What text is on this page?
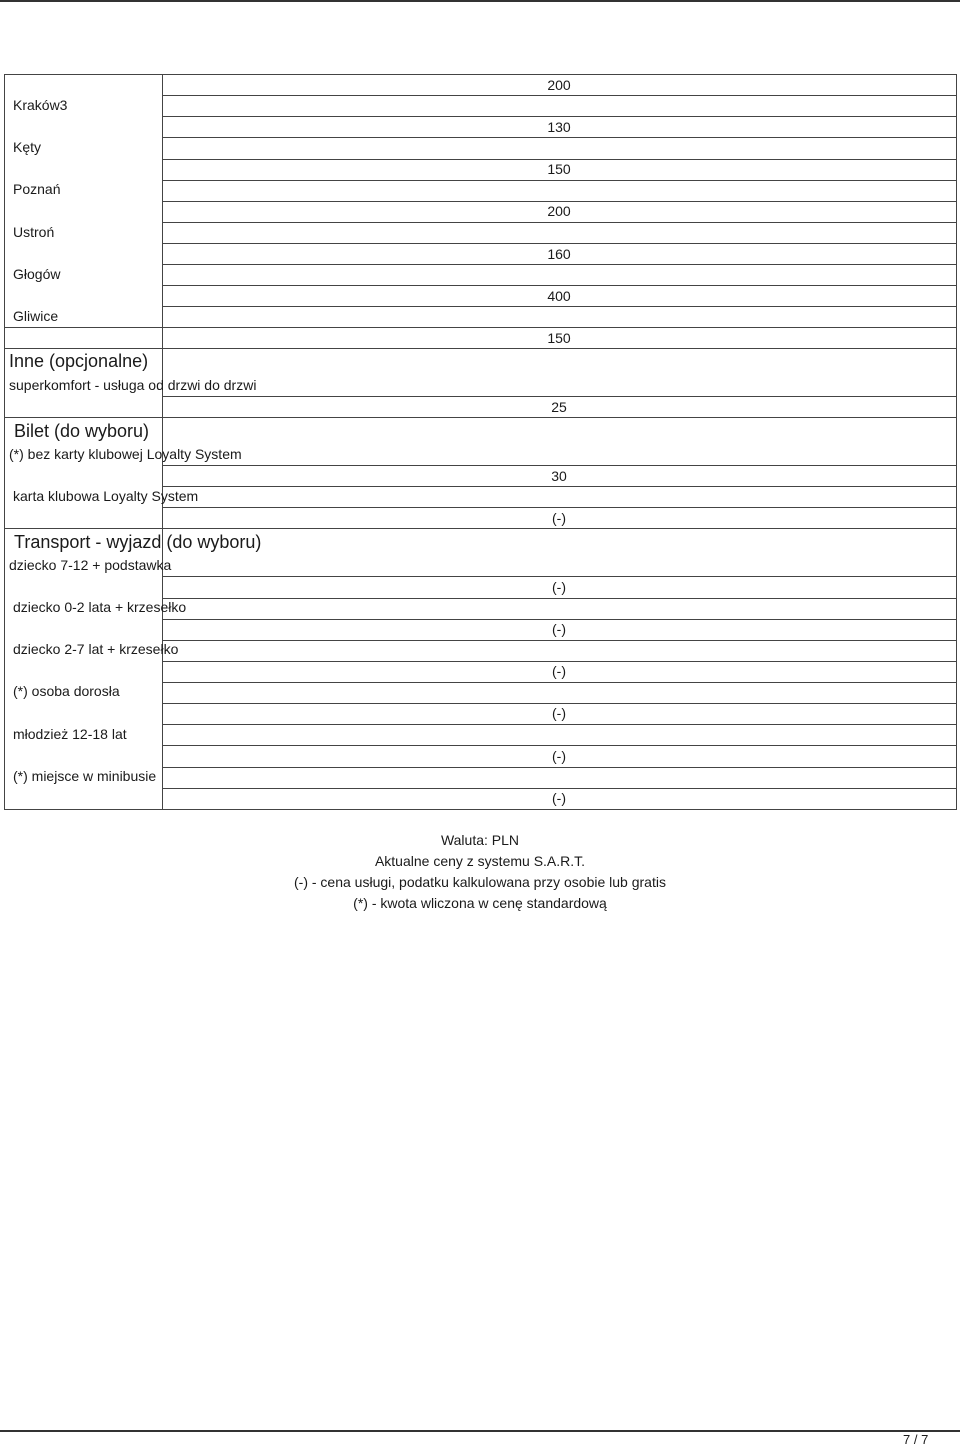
Kraków3
Kęty
Poznań
Ustroń
Głogów
Gliwice
Inne (opcjonalne)
superkomfort - usługa od drzwi do drzwi
Bilet (do wyboru)
(*) bez karty klubowej Loyalty System
karta klubowa Loyalty System
Transport - wyjazd (do wyboru)
dziecko 7-12 + podstawka
dziecko 0-2 lata + krzesełko
dziecko 2-7 lat + krzesełko
(*) osoba dorosła
młodzież 12-18 lat
(*) miejsce w minibusie
200
130
150
200
160
400
150
25
30
(-)
(-)
(-)
(-)
(-)
(-)
(-)
Waluta: PLN
Aktualne ceny z systemu S.A.R.T.
(-) - cena usługi, podatku kalkulowana przy osobie lub gratis
(*) - kwota wliczona w cenę standardową
7 / 7
